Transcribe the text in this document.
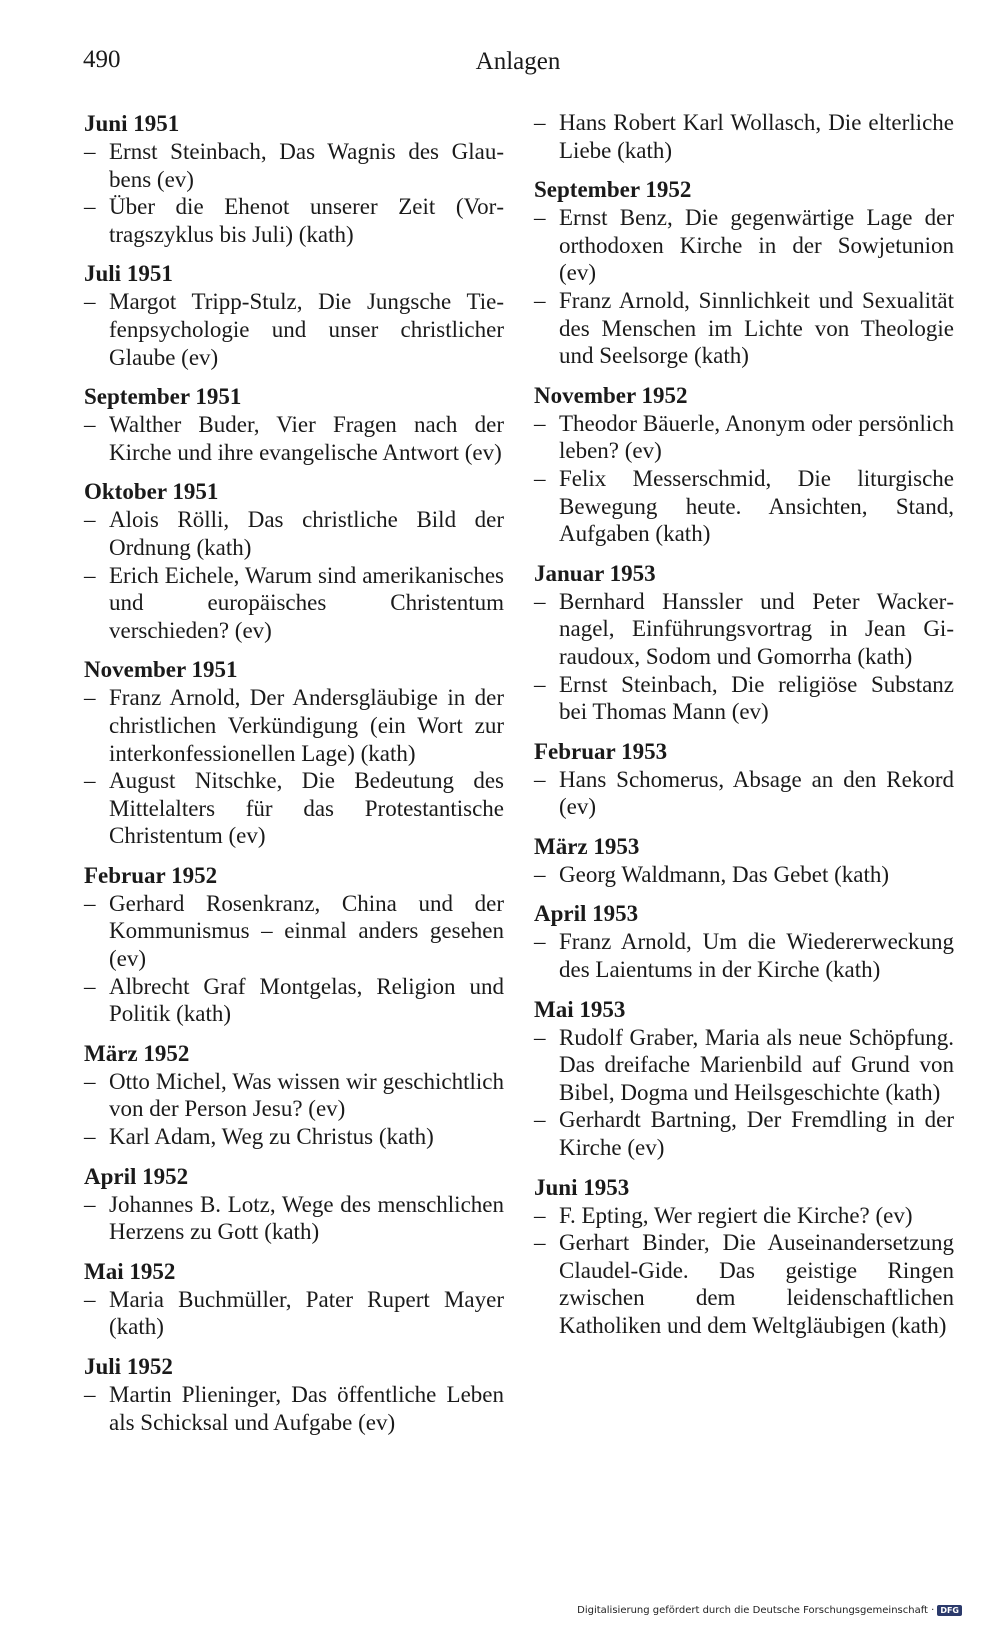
490	Anlagen
Juni 1951
– Ernst Steinbach, Das Wagnis des Glaubens (ev)
– Über die Ehenot unserer Zeit (Vortragszyklus bis Juli) (kath)
Juli 1951
– Margot Tripp-Stulz, Die Jungsche Tiefenpsychologie und unser christlicher Glaube (ev)
September 1951
– Walther Buder, Vier Fragen nach der Kirche und ihre evangelische Antwort (ev)
Oktober 1951
– Alois Rölli, Das christliche Bild der Ordnung (kath)
– Erich Eichele, Warum sind amerikanisches und europäisches Christentum verschieden? (ev)
November 1951
– Franz Arnold, Der Andersgläubige in der christlichen Verkündigung (ein Wort zur interkonfessionellen Lage) (kath)
– August Nitschke, Die Bedeutung des Mittelalters für das Protestantische Christentum (ev)
Februar 1952
– Gerhard Rosenkranz, China und der Kommunismus – einmal anders gesehen (ev)
– Albrecht Graf Montgelas, Religion und Politik (kath)
März 1952
– Otto Michel, Was wissen wir geschichtlich von der Person Jesu? (ev)
– Karl Adam, Weg zu Christus (kath)
April 1952
– Johannes B. Lotz, Wege des menschlichen Herzens zu Gott (kath)
Mai 1952
– Maria Buchmüller, Pater Rupert Mayer (kath)
Juli 1952
– Martin Plieninger, Das öffentliche Leben als Schicksal und Aufgabe (ev)
– Hans Robert Karl Wollasch, Die elterliche Liebe (kath)
September 1952
– Ernst Benz, Die gegenwärtige Lage der orthodoxen Kirche in der Sowjetunion (ev)
– Franz Arnold, Sinnlichkeit und Sexualität des Menschen im Lichte von Theologie und Seelsorge (kath)
November 1952
– Theodor Bäuerle, Anonym oder persönlich leben? (ev)
– Felix Messerschmid, Die liturgische Bewegung heute. Ansichten, Stand, Aufgaben (kath)
Januar 1953
– Bernhard Hanssler und Peter Wackernagel, Einführungsvortrag in Jean Giraudoux, Sodom und Gomorrha (kath)
– Ernst Steinbach, Die religiöse Substanz bei Thomas Mann (ev)
Februar 1953
– Hans Schomerus, Absage an den Rekord (ev)
März 1953
– Georg Waldmann, Das Gebet (kath)
April 1953
– Franz Arnold, Um die Wiedererweckung des Laientums in der Kirche (kath)
Mai 1953
– Rudolf Graber, Maria als neue Schöpfung. Das dreifache Marienbild auf Grund von Bibel, Dogma und Heilsgeschichte (kath)
– Gerhardt Bartning, Der Fremdling in der Kirche (ev)
Juni 1953
– F. Epting, Wer regiert die Kirche? (ev)
– Gerhart Binder, Die Auseinandersetzung Claudel-Gide. Das geistige Ringen zwischen dem leidenschaftlichen Katholiken und dem Weltgläubigen (kath)
Digitalisierung gefördert durch die Deutsche Forschungsgemeinschaft · DFG
